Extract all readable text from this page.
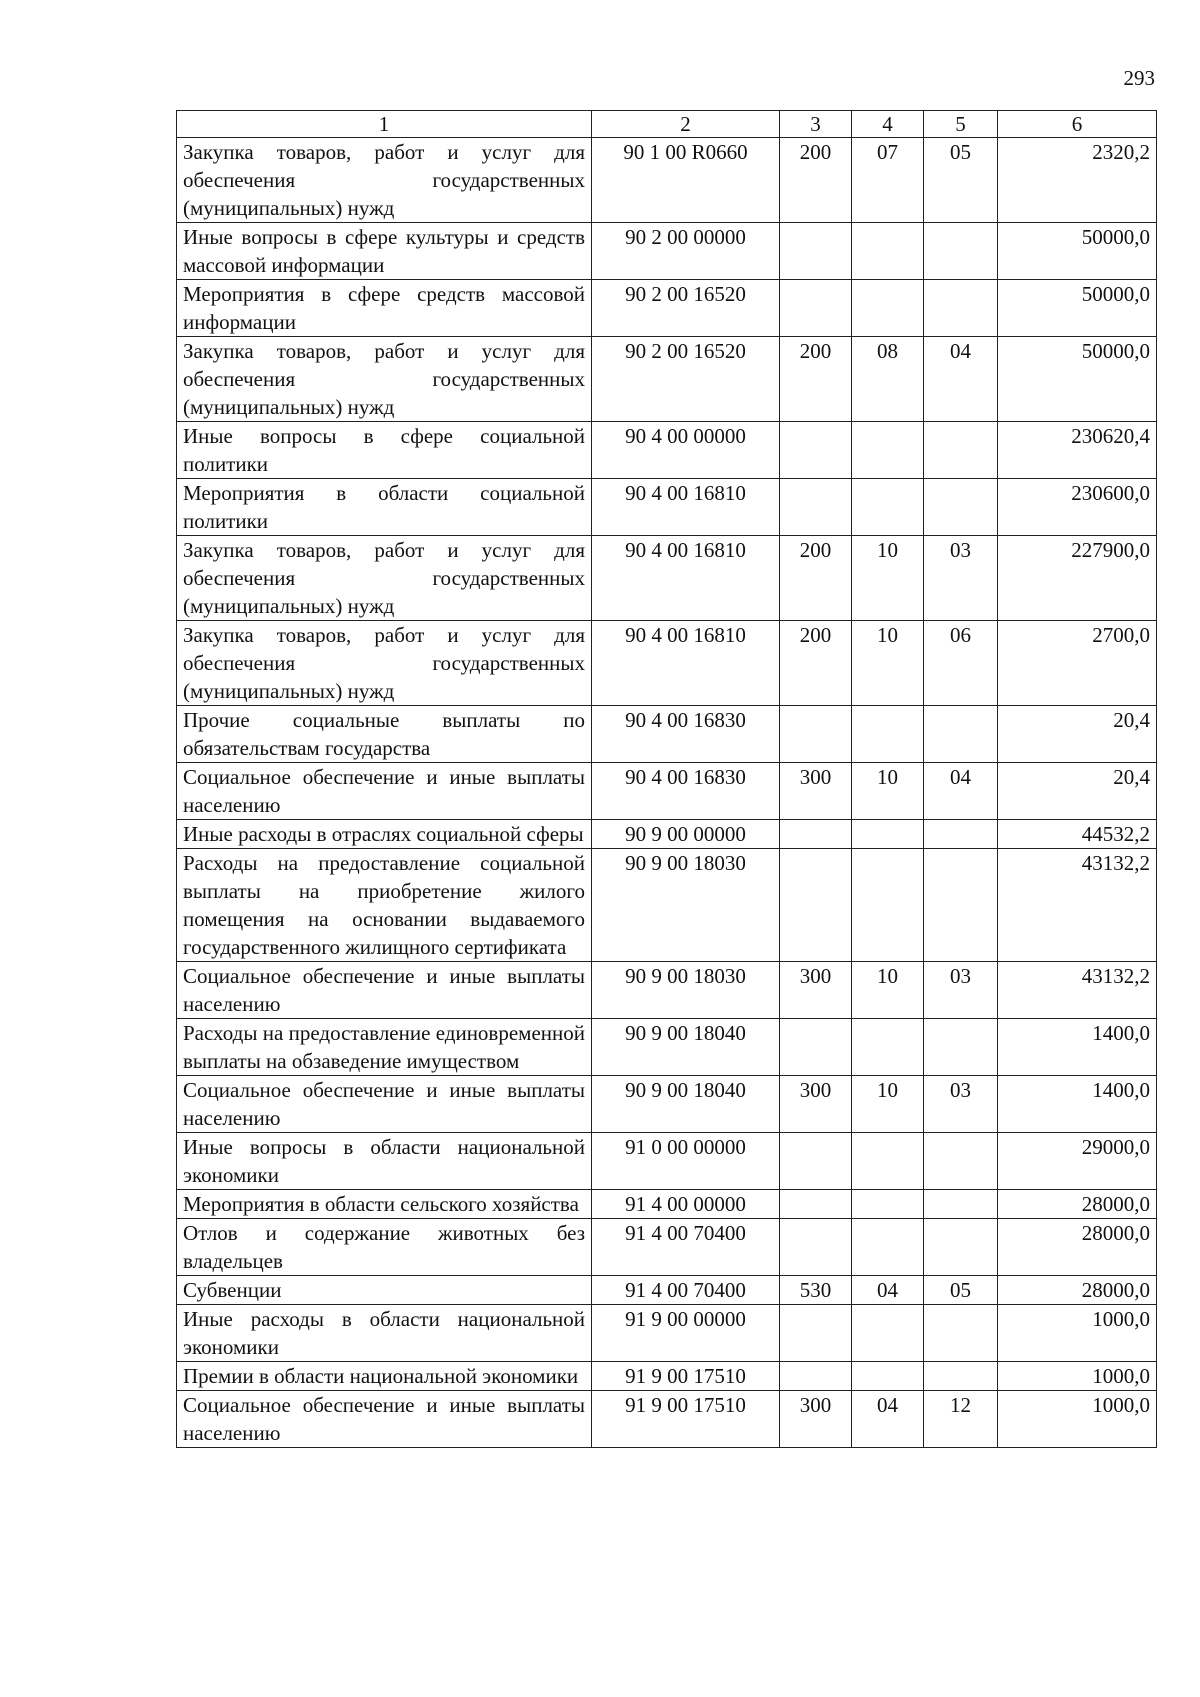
293
1	2	3	4	5	6
Закупка товаров, работ и услуг для обеспечения государственных (муниципальных) нужд	90 1 00 R0660	200	07	05	2320,2
Иные вопросы в сфере культуры и средств массовой информации	90 2 00 00000				50000,0
Мероприятия в сфере средств массовой информации	90 2 00 16520				50000,0
Закупка товаров, работ и услуг для обеспечения государственных (муниципальных) нужд	90 2 00 16520	200	08	04	50000,0
Иные вопросы в сфере социальной политики	90 4 00 00000				230620,4
Мероприятия в области социальной политики	90 4 00 16810				230600,0
Закупка товаров, работ и услуг для обеспечения государственных (муниципальных) нужд	90 4 00 16810	200	10	03	227900,0
Закупка товаров, работ и услуг для обеспечения государственных (муниципальных) нужд	90 4 00 16810	200	10	06	2700,0
Прочие социальные выплаты по обязательствам государства	90 4 00 16830				20,4
Социальное обеспечение и иные выплаты населению	90 4 00 16830	300	10	04	20,4
Иные расходы в отраслях социальной сферы	90 9 00 00000				44532,2
Расходы на предоставление социальной выплаты на приобретение жилого помещения на основании выдаваемого государственного жилищного сертификата	90 9 00 18030				43132,2
Социальное обеспечение и иные выплаты населению	90 9 00 18030	300	10	03	43132,2
Расходы на предоставление единовременной выплаты на обзаведение имуществом	90 9 00 18040				1400,0
Социальное обеспечение и иные выплаты населению	90 9 00 18040	300	10	03	1400,0
Иные вопросы в области национальной экономики	91 0 00 00000				29000,0
Мероприятия в области сельского хозяйства	91 4 00 00000				28000,0
Отлов и содержание животных без владельцев	91 4 00 70400				28000,0
Субвенции	91 4 00 70400	530	04	05	28000,0
Иные расходы в области национальной экономики	91 9 00 00000				1000,0
Премии в области национальной экономики	91 9 00 17510				1000,0
Социальное обеспечение и иные выплаты населению	91 9 00 17510	300	04	12	1000,0
